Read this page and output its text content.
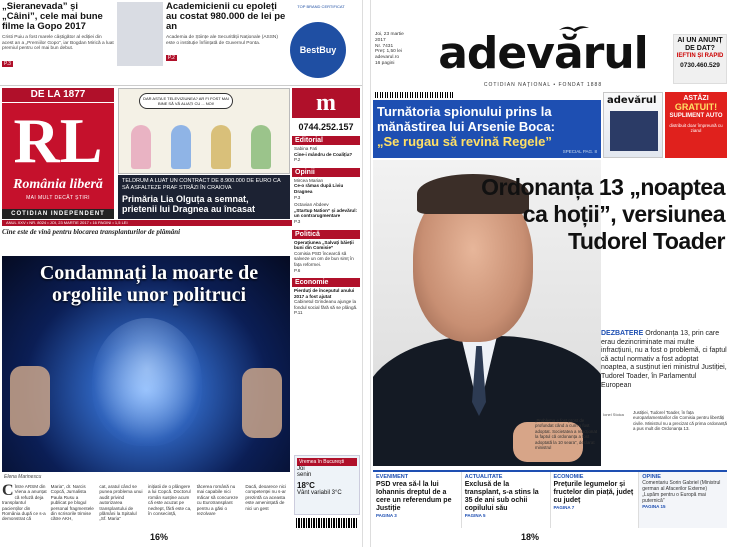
„Sieranevada” și „Câini”, cele mai bune filme la Gopo 2017
Cristi Puiu a fost marele câștigător al ediției din acest an a „Premiilor Gopo”, iar Bogdan Mirică a luat premiul pentru cel mai bun debut.
P.3
Academicienii cu epoleți au costat 980.000 de lei pe an
Academia de Științe ale Securității Naționale (ASSN) este o instituție înființată de Guvernul Ponta.
P.2
TOP BRAND CERTIFICAT
BestBuy
DE LA 1877
RL
România liberă
MAI MULT DECÂT ȘTIRI
COTIDIAN INDEPENDENT
ANUL XXV • NR. 8024 • JOI, 23 MARTIE 2017 • 16 PAGINI • 1,5 LEI
DAR ASTA E TELEVIZIUNEA? AR FI FOST MAI BINE SĂ VĂ ALIAȚI CU ... NOI!
TELDRUM A LUAT UN CONTRACT DE 8.900.000 DE EURO CA SĂ ASFALTEZE PRAF STRĂZI ÎN CRAIOVA
Primăria Lia Olguța a semnat, prietenii lui Dragnea au încasat
m
0744.252.157
Editorial
Sabina Fati
Cine-i mândru de Coaliția?
P.2
Opinii
Mircea Marian
Ce-o rămas după Liviu Dragnea
P.3
Octavian Abdeev
„Startup Nation” și adevărul: un contrarugmentare
P.3
Politică
Operațiunea „Salvați băieții buni din Comisie”
Comisia PSD încearcă să salveze un om de bun simț în fața reformei.
P.6
Economie
Pierduți de începutul anului 2017 a fost ajutat
Cabinetul Grindeanu ajunge la fondul social fără să se plângă.
P.11
Cine este de vină pentru blocarea transplanturilor de plămâni
Condamnați la moarte de orgoliile unor politruci
Elena Marinescu
C Între ARSM din Viena a anunțat că refuză deja transplantul pacienților din România după ce s-a demonstrat că
Maria”, dr. Narcis Copcă, Jurnalista Paula Rusu a publicat pe blogul personal fragmentele din scrisorile trimise către AKH,
cat, aratul când se punea problema unui audit privind autorizarea transplantului de plămâni la Spitalul „Sf. Maria”
inițiatii de o plângere a lui Copcă. Doctorul român susține acum că este acuzat pe nedrept, fără este ca, în consecință,
tăcerea română nu mai capabile nici măcar să concureze cu Eurotransplant pentru a găsi o rezolvare
Dacă, deoarece nici competenței nu s-ar prezintă ca aceasta este amenințată de nici un gest
Vremea în București
Joi
senin
18°C
Vânt variabil 3°C
16%
Joi, 23 martie 2017
Nr. 7431
Preț: 1,50 lei
adevarul.ro
16 pagini adevărul
COTIDIAN NAȚIONAL • FONDAT 1888
AI UN ANUNȚ DE DAT?
IEFTIN ȘI RAPID
0730.460.529
Turnătoria spionului prins la
mănăstirea lui Arsenie Boca:
„Se rugau să revină Regele”
SPECIAL PAG. 8
adevărul	ASTĂZI
GRATUIT!
SUPLIMENT AUTO
distribuit doar împreună cu ziarul
Ordonanța 13 „noaptea ca hoții”, versiunea Tudorel Toader
DEZBATERE Ordonanța 13, prin care erau dezincriminate mai multe infracțiuni, nu a fost o problemă, ci faptul că actul normativ a fost adoptat noaptea, a susținut ieri ministrul Justiției, Tudorel Toader, în Parlamentul European
Ionel Stoica
„Problema e fost prost de profundat când a cum a fost adoptat. Societatea a reacționat la faptul că ordonanța a fost adoptată la 10 seara”, declarat ministrul
Justiției, Tudorel Toader, în fața europarlamentarilor din Comisia pentru libertăți civile. Ministrul nu a precizat că prima ordonanță a pus mult din Ordonanța 13.
EVENIMENT
PSD vrea să-l la lui Iohannis dreptul de a cere un referendum pe Justiție
PAGINA 3
ACTUALITATE
Exclusă de la transplant, s-a stins la 35 de ani sub ochii copilului său
PAGINA 5
ECONOMIE
Prețurile legumelor și fructelor din piață, județ cu județ
PAGINA 7
OPINIE
Comentariu Sorin Gabriel (Ministrul german al Afacerilor Externe)
„Lupăm pentru o Europă mai puternică”
PAGINA 15
18%
